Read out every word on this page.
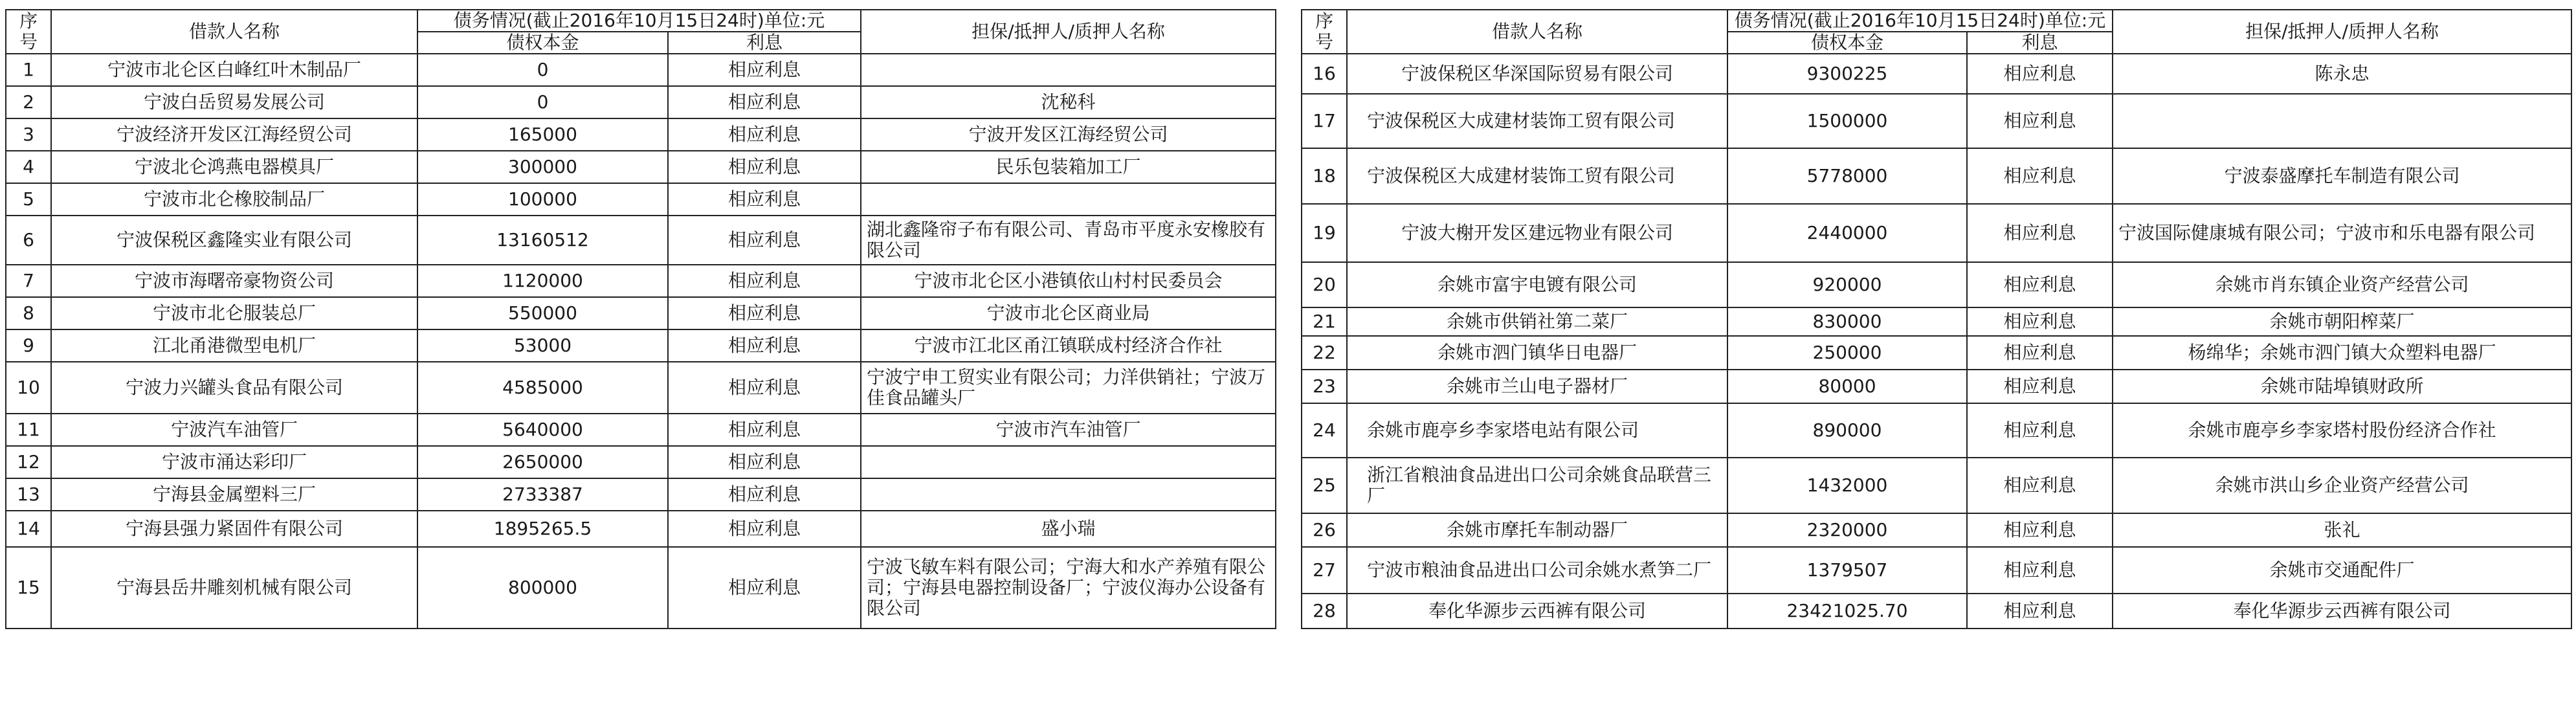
序号	借款人名称	债务情况(截止2016年10月15日24时)单位:元		担保/抵押人/质押人名称
		债权本金	利息	
1	宁波市北仑区白峰红叶木制品厂	0	相应利息	
2	宁波白岳贸易发展公司	0	相应利息	沈秘科
3	宁波经济开发区江海经贸公司	165000	相应利息	宁波开发区江海经贸公司
4	宁波北仑鸿燕电器模具厂	300000	相应利息	民乐包装箱加工厂
5	宁波市北仑橡胶制品厂	100000	相应利息	
6	宁波保税区鑫隆实业有限公司	13160512	相应利息	湖北鑫隆帘子布有限公司、青岛市平度永安橡胶有限公司
7	宁波市海曙帝豪物资公司	1120000	相应利息	宁波市北仑区小港镇依山村村民委员会
8	宁波市北仑服装总厂	550000	相应利息	宁波市北仑区商业局
9	江北甬港微型电机厂	53000	相应利息	宁波市江北区甬江镇联成村经济合作社
10	宁波力兴罐头食品有限公司	4585000	相应利息	宁波宁申工贸实业有限公司；力洋供销社；宁波万佳食品罐头厂
11	宁波汽车油管厂	5640000	相应利息	宁波市汽车油管厂
12	宁波市涌达彩印厂	2650000	相应利息	
13	宁海县金属塑料三厂	2733387	相应利息	
14	宁海县强力紧固件有限公司	1895265.5	相应利息	盛小瑞
15	宁海县岳井雕刻机械有限公司	800000	相应利息	宁波飞敏车料有限公司；宁海大和水产养殖有限公司；宁海县电器控制设备厂；宁波仪海办公设备有限公司
序号	借款人名称	债务情况(截止2016年10月15日24时)单位:元		担保/抵押人/质押人名称
		债权本金	利息	
16	宁波保税区华深国际贸易有限公司	9300225	相应利息	陈永忠
17	宁波保税区大成建材装饰工贸有限公司	1500000	相应利息	
18	宁波保税区大成建材装饰工贸有限公司	5778000	相应利息	宁波泰盛摩托车制造有限公司
19	宁波大榭开发区建远物业有限公司	2440000	相应利息	宁波国际健康城有限公司；宁波市和乐电器有限公司
20	余姚市富宇电镀有限公司	920000	相应利息	余姚市肖东镇企业资产经营公司
21	余姚市供销社第二菜厂	830000	相应利息	余姚市朝阳榨菜厂
22	余姚市泗门镇华日电器厂	250000	相应利息	杨绵华；余姚市泗门镇大众塑料电器厂
23	余姚市兰山电子器材厂	80000	相应利息	余姚市陆埠镇财政所
24	余姚市鹿亭乡李家塔电站有限公司	890000	相应利息	余姚市鹿亭乡李家塔村股份经济合作社
25	浙江省粮油食品进出口公司余姚食品联营三厂	1432000	相应利息	余姚市洪山乡企业资产经营公司
26	余姚市摩托车制动器厂	2320000	相应利息	张礼
27	宁波市粮油食品进出口公司余姚水煮笋二厂	1379507	相应利息	余姚市交通配件厂
28	奉化华源步云西裤有限公司	23421025.70	相应利息	奉化华源步云西裤有限公司
